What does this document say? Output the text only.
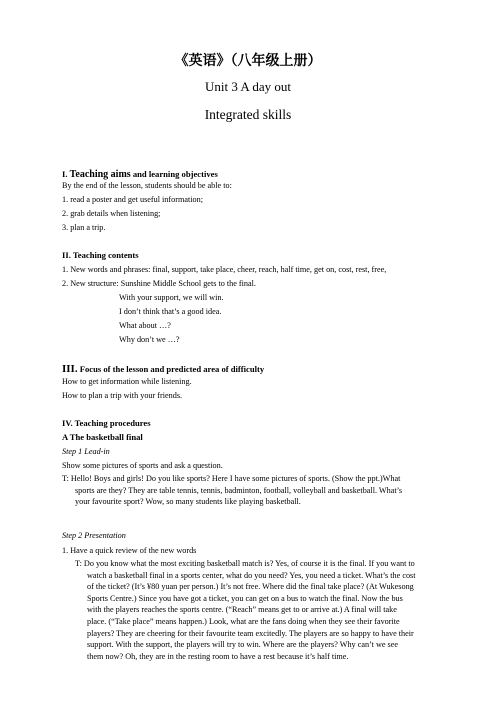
《英语》（八年级上册）
Unit 3 A day out
Integrated skills
I. Teaching aims and learning objectives
By the end of the lesson, students should be able to:
1. read a poster and get useful information;
2. grab details when listening;
3. plan a trip.
II. Teaching contents
1. New words and phrases: final, support, take place, cheer, reach, half time, get on, cost, rest, free,
2. New structure: Sunshine Middle School gets to the final.
With your support, we will win.
I don’t think that’s a good idea.
What about …?
Why don’t we …?
III. Focus of the lesson and predicted area of difficulty
How to get information while listening.
How to plan a trip with your friends.
IV. Teaching procedures
A The basketball final
Step 1 Lead-in
Show some pictures of sports and ask a question.
T: Hello! Boys and girls! Do you like sports? Here I have some pictures of sports. (Show the ppt.)What
sports are they? They are table tennis, tennis, badminton, football, volleyball and basketball. What’s
your favourite sport? Wow, so many students like playing basketball.
Step 2 Presentation
1. Have a quick review of the new words
T: Do you know what the most exciting basketball match is? Yes, of course it is the final. If you want to
watch a basketball final in a sports center, what do you need? Yes, you need a ticket. What’s the cost
of the ticket? (It’s ¥80 yuan per person.) It’s not free. Where did the final take place? (At Wukesong
Sports Centre.) Since you have got a ticket, you can get on a bus to watch the final. Now the bus
with the players reaches the sports centre. (“Reach” means get to or arrive at.) A final will take
place. (“Take place” means happen.) Look, what are the fans doing when they see their favorite
players? They are cheering for their favourite team excitedly. The players are so happy to have their
support. With the support, the players will try to win. Where are the players? Why can’t we see
them now? Oh, they are in the resting room to have a rest because it’s half time.
